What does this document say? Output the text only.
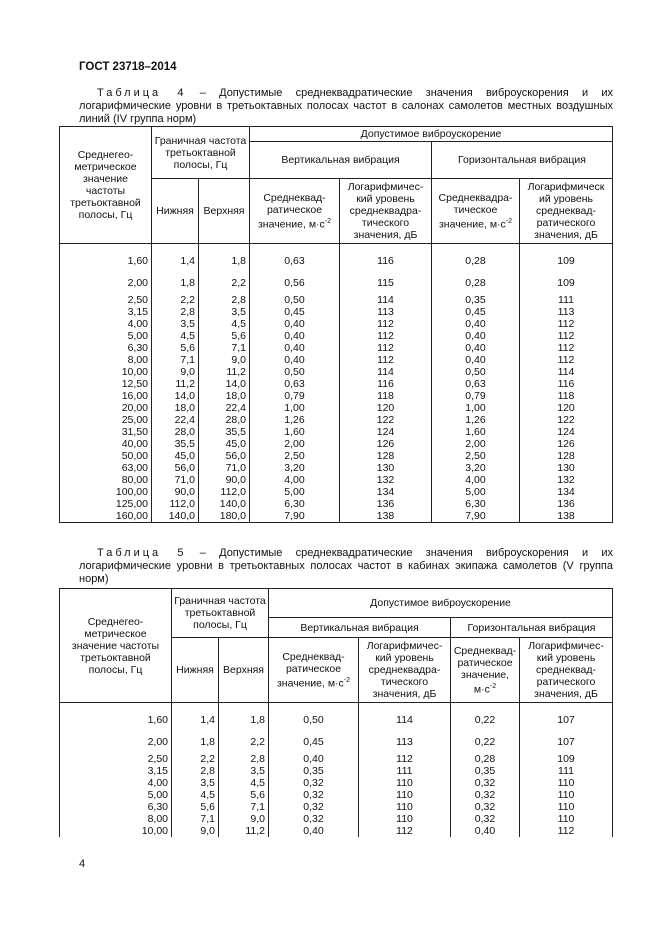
ГОСТ 23718–2014
Таблица 4 – Допустимые среднеквадратические значения виброускорения и их логарифмические уровни в третьоктавных полосах частот в салонах самолетов местных воздушных линий (IV группа норм)
Среднегео-метрическое значение частоты третьоктавной полосы, Гц	Граничная частота третьоктавной полосы, Гц		Допустимое виброускорение			
			Вертикальная вибрация		Горизонтальная вибрация	
	Нижняя	Верхняя	Среднеквад-ратическое значение, $м\cdot с^{-2}$	Логарифмичес-кий уровень среднеквадра-тического значения, дБ	Среднеквадра-тическое значение, $м\cdot с^{-2}$	Логарифмическ ий уровень среднеквад-ратического значения, дБ
1,60	1,4	1,8	0,63	116	0,28	109
2,00	1,8	2,2	0,56	115	0,28	109
2,50	2,2	2,8	0,50	114	0,35	111
3,15	2,8	3,5	0,45	113	0,45	113
4,00	3,5	4,5	0,40	112	0,40	112
5,00	4,5	5,6	0,40	112	0,40	112
6,30	5,6	7,1	0,40	112	0,40	112
8,00	7,1	9,0	0,40	112	0,40	112
10,00	9,0	11,2	0,50	114	0,50	114
12,50	11,2	14,0	0,63	116	0,63	116
16,00	14,0	18,0	0,79	118	0,79	118
20,00	18,0	22,4	1,00	120	1,00	120
25,00	22,4	28,0	1,26	122	1,26	122
31,50	28,0	35,5	1,60	124	1,60	124
40,00	35,5	45,0	2,00	126	2,00	126
50,00	45,0	56,0	2,50	128	2,50	128
63,00	56,0	71,0	3,20	130	3,20	130
80,00	71,0	90,0	4,00	132	4,00	132
100,00	90,0	112,0	5,00	134	5,00	134
125,00	112,0	140,0	6,30	136	6,30	136
160,00	140,0	180,0	7,90	138	7,90	138
Таблица 5 – Допустимые среднеквадратические значения виброускорения и их логарифмические уровни в третьоктавных полосах частот в кабинах экипажа самолетов (V группа норм)
Среднегео-метрическое значение частоты третьоктавной полосы, Гц	Граничная частота третьоктавной полосы, Гц		Допустимое виброускорение			
			Вертикальная вибрация		Горизонтальная вибрация	
	Нижняя	Верхняя	Среднеквад-ратическое значение, $м\cdot с^{-2}$	Логарифмичес-кий уровень среднеквадра-тического значения, дБ	Среднеквад-ратическое значение, $м\cdot с^{-2}$	Логарифмичес-кий уровень среднеквад-ратического значения, дБ
1,60	1,4	1,8	0,50	114	0,22	107
2,00	1,8	2,2	0,45	113	0,22	107
2,50	2,2	2,8	0,40	112	0,28	109
3,15	2,8	3,5	0,35	111	0,35	111
4,00	3,5	4,5	0,32	110	0,32	110
5,00	4,5	5,6	0,32	110	0,32	110
6,30	5,6	7,1	0,32	110	0,32	110
8,00	7,1	9,0	0,32	110	0,32	110
10,00	9,0	11,2	0,40	112	0,40	112
4
